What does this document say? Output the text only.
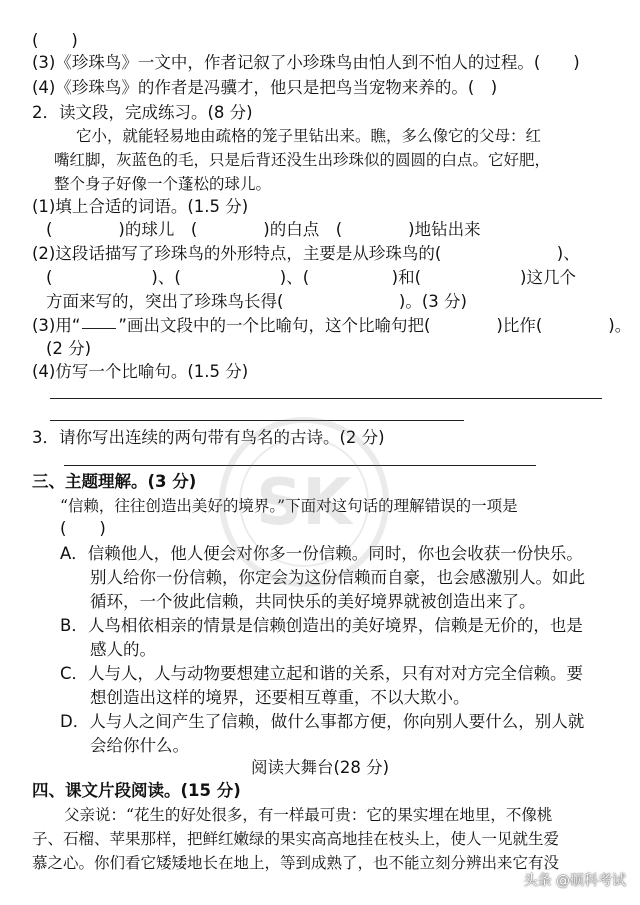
(　　)
(3)《珍珠鸟》一文中，作者记叙了小珍珠鸟由怕人到不怕人的过程。(　　)
(4)《珍珠鸟》的作者是冯骥才，他只是把鸟当宠物来养的。(　)
2．读文段，完成练习。(8 分)
它小，就能轻易地由疏格的笼子里钻出来。瞧，多么像它的父母：红
嘴红脚，灰蓝色的毛，只是后背还没生出珍珠似的圆圆的白点。它好肥，
整个身子好像一个蓬松的球儿。
(1)填上合适的词语。(1.5 分)
(　　　　)的球儿　(　　　　)的白点　(　　　　)地钻出来
(2)这段话描写了珍珠鸟的外形特点，主要是从珍珠鸟的(　　　　　　　)、
(　　　　　　)、(　　　　　　)、(　　　　　)和(　　　　　　)这几个
方面来写的，突出了珍珠鸟长得(　　　　　　　)。(3 分)
(3)用“ ”画出文段中的一个比喻句，这个比喻句把(　　　　)比作(　　　　)。
(2 分)
(4)仿写一个比喻句。(1.5 分)
3．请你写出连续的两句带有鸟名的古诗。(2 分)
三、主题理解。(3 分)
“信赖，往往创造出美好的境界。”下面对这句话的理解错误的一项是
(　　)
A．信赖他人，他人便会对你多一份信赖。同时，你也会收获一份快乐。
别人给你一份信赖，你定会为这份信赖而自豪，也会感激别人。如此
循环，一个彼此信赖，共同快乐的美好境界就被创造出来了。
B．人鸟相依相亲的情景是信赖创造出的美好境界，信赖是无价的，也是
感人的。
C．人与人，人与动物要想建立起和谐的关系，只有对对方完全信赖。要
想创造出这样的境界，还要相互尊重，不以大欺小。
D．人与人之间产生了信赖，做什么事都方便，你向别人要什么，别人就
会给你什么。
阅读大舞台(28 分)
四、课文片段阅读。(15 分)
父亲说：“花生的好处很多，有一样最可贵：它的果实埋在地里，不像桃
子、石榴、苹果那样，把鲜红嫩绿的果实高高地挂在枝头上，使人一见就生爱
慕之心。你们看它矮矮地长在地上，等到成熟了，也不能立刻分辨出来它有没
SK
头条 @硕科考试
